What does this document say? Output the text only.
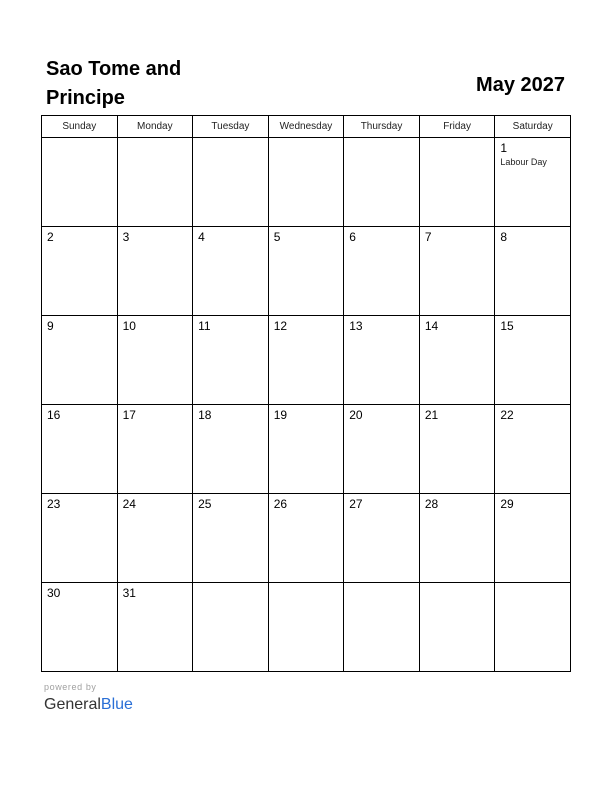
Sao Tome and Principe
May 2027
Sunday	Monday	Tuesday	Wednesday	Thursday	Friday	Saturday

						1
Labour Day

2	3	4	5	6	7	8

9	10	11	12	13	14	15

16	17	18	19	20	21	22

23	24	25	26	27	28	29

30	31					

powered by
GeneralBlue
